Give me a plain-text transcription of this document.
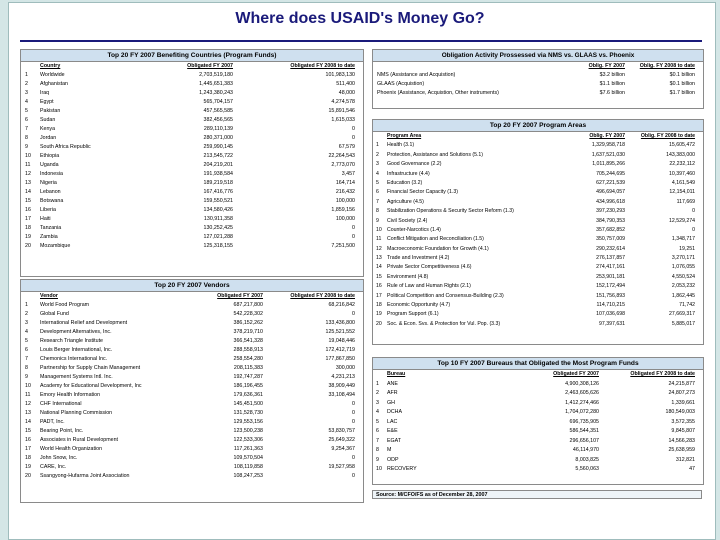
Where does USAID's Money Go?
Top 20 FY 2007 Benefiting Countries (Program Funds)
Country	Obligated FY 2007	Obligated FY 2008 to date
1 Worldwide	2,703,519,180	101,983,130
2 Afghanistan	1,445,651,383	511,400
3 Iraq	1,243,380,243	48,000
4 Egypt	565,704,157	4,274,578
5 Pakistan	457,565,585	15,891,546
6 Sudan	382,456,565	1,615,033
7 Kenya	289,110,139	0
8 Jordan	280,371,000	0
9 South Africa Republic	259,990,145	67,579
10 Ethiopia	213,545,722	22,264,543
11 Uganda	204,219,201	2,773,070
12 Indonesia	191,938,584	3,457
13 Nigeria	189,219,518	164,714
14 Lebanon	167,416,776	216,432
15 Botswana	159,550,521	100,000
16 Liberia	134,580,426	1,859,156
17 Haiti	130,911,358	100,000
18 Tanzania	130,252,425	0
19 Zambia	127,021,288	0
20 Mozambique	125,318,155	7,251,500
Top 20 FY 2007 Vendors
Vendor	Obligated FY 2007	Obligated FY 2008 to date
1 World Food Program	687,217,800	68,216,842
2 Global Fund	542,228,302	0
3 International Relief and Development	386,152,262	133,436,800
4 Development Alternatives, Inc.	378,219,710	125,521,552
5 Research Triangle Institute	366,541,328	19,048,446
6 Louis Berger International, Inc.	288,558,913	172,412,719
7 Chemonics International Inc.	258,554,280	177,867,850
8 Partnership for Supply Chain Management	208,115,383	300,000
9 Management Systems Intl. Inc.	192,747,287	4,231,213
10 Academy for Educational Development, Inc	186,196,455	38,909,449
11 Emory Health Information	179,636,361	33,108,494
12 CHF International	145,451,500	0
13 National Planning Commission	131,528,730	0
14 PADT, Inc.	129,553,156	0
15 Bearing Point, Inc.	123,500,238	53,830,757
16 Associates in Rural Development	122,533,306	25,649,322
17 World Health Organization	117,261,363	9,254,367
18 John Snow, Inc.	109,570,504	0
19 CARE, Inc.	108,119,858	19,527,958
20 Ssangyong-Hufarma Joint Association	108,247,253	0
Obligation Activity Prossessed via NMS vs. GLAAS vs. Phoenix
Oblig. FY 2007	Oblig. FY 2008 to date
NMS (Assistance and Acquistion)	$3.2 billion	$0.1 billion
GLAAS (Acquistion)	$1.1 billion	$0.1 billion
Phoenix (Assistance, Acquistion, Other instruments)	$7.6 billion	$1.7 billion
Top 20 FY 2007 Program Areas
Program Area	Oblig. FY 2007	Oblig. FY 2008 to date
1 Health (3.1)	1,329,958,718	15,605,472
2 Protection, Assistance and Solutions (5.1)	1,637,521,030	143,383,000
3 Good Governance (2.2)	1,011,895,266	22,232,112
4 Infrastructure (4.4)	705,244,695	10,397,460
5 Education (3.2)	627,221,539	4,161,549
6 Financial Sector Capacity (1.3)	496,694,057	12,154,011
7 Agriculture (4.5)	434,996,618	117,669
8 Stabilization Operations & Security Sector Reform (1.3)	397,230,293	0
9 Civil Society (2.4)	384,790,353	12,529,274
10 Counter-Narcotics (1.4)	357,682,852	0
11 Conflict Mitigation and Reconciliation (1.5)	350,757,009	1,348,717
12 Macroeconomic Foundation for Growth (4.1)	290,232,614	19,251
13 Trade and Investment (4.2)	276,137,857	3,270,171
14 Private Sector Competitiveness (4.6)	274,417,161	1,076,055
15 Environment (4.8)	253,901,181	4,550,524
16 Rule of Law and Human Rights (2.1)	152,172,494	2,053,232
17 Political Competition and Consensus-Building (2.3)	151,756,893	1,862,445
18 Economic Opportunity (4.7)	114,710,215	71,742
19 Program Support (6.1)	107,036,698	27,669,317
20 Soc. & Econ. Svs. & Protection for Vul. Pop. (3.3)	97,397,631	5,885,017
Top 10 FY 2007 Bureaus that Obligated the Most Program Funds
Bureau	Obligated FY 2007	Obligated FY 2008 to date
1 ANE	4,900,308,126	24,215,877
2 AFR	2,463,605,626	24,807,273
3 GH	1,412,274,466	1,339,661
4 DCHA	1,704,072,280	180,549,003
5 LAC	696,735,905	3,572,355
6 E&E	586,544,351	9,845,807
7 EGAT	296,656,107	14,566,283
8 M	46,114,970	25,638,959
9 ODP	8,003,825	312,821
10 RECOVERY	5,560,063	47
Source: M/CFO/FS as of December 28, 2007
